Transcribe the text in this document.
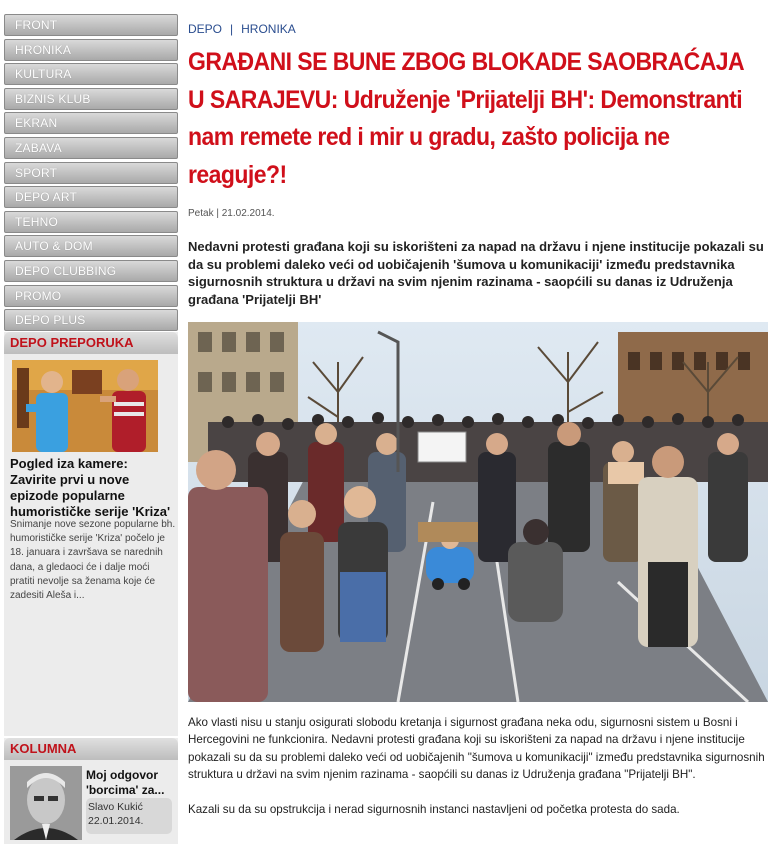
FRONT
HRONIKA
KULTURA
BIZNIS KLUB
EKRAN
ZABAVA
SPORT
DEPO ART
TEHNO
AUTO & DOM
DEPO CLUBBING
PROMO
DEPO PLUS
DEPO PREPORUKA
Pogled iza kamere: Zavirite prvi u nove epizode popularne humorističke serije 'Kriza'
Snimanje nove sezone popularne bh. humorističke serije 'Kriza' počelo je 18. januara i završava se narednih dana, a gledaoci će i dalje moći pratiti nevolje sa ženama koje će zadesiti Aleša i...
KOLUMNA
Moj odgovor 'borcima' za...
Slavo Kukić
22.01.2014.
DEPO | HRONIKA
GRAĐANI SE BUNE ZBOG BLOKADE SAOBRAĆAJA U SARAJEVU: Udruženje 'Prijatelji BH': Demonstranti nam remete red i mir u gradu, zašto policija ne reaguje?!
Petak | 21.02.2014.
Nedavni protesti građana koji su iskorišteni za napad na državu i njene institucije pokazali su da su problemi daleko veći od uobičajenih 'šumova u komunikaciji' između predstavnika sigurnosnih struktura u državi na svim njenim razinama - saopćili su danas iz Udruženja građana 'Prijatelji BH'

Ako vlasti nisu u stanju osigurati slobodu kretanja i sigurnost građana neka odu, sigurnosni sistem u Bosni i Hercegovini ne funkcionira. Nedavni protesti građana koji su iskorišteni za napad na državu i njene institucije pokazali su da su problemi daleko veći od uobičajenih "šumova u komunikaciji" između predstavnika sigurnosnih struktura u državi na svim njenim razinama - saopćili su danas iz Udruženja građana "Prijatelji BH".

Kazali su da su opstrukcija i nerad sigurnosnih instanci nastavljeni od početka protesta do sada.
